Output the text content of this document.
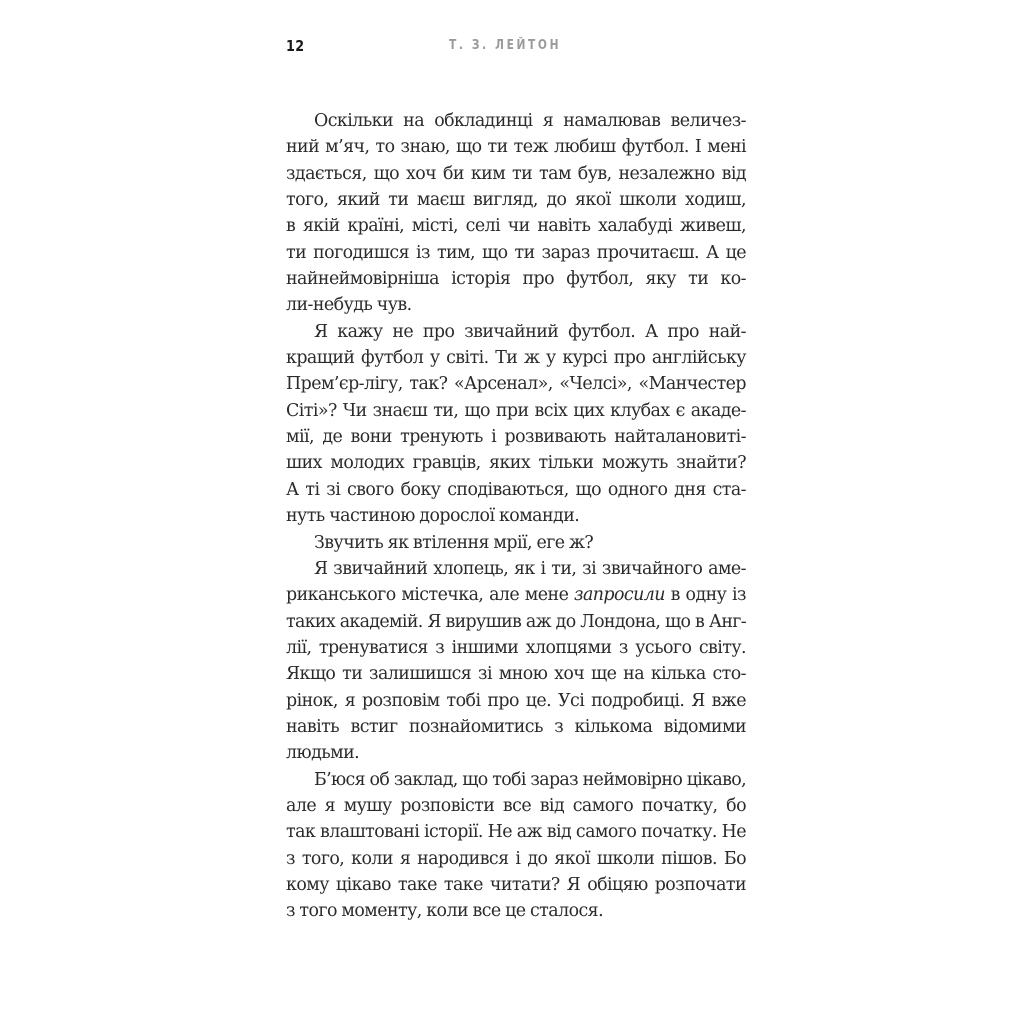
12	Т. З. ЛЕЙТОН
Оскільки на обкладинці я намалював величез-
ний м’яч, то знаю, що ти теж любиш футбол. І мені
здається, що хоч би ким ти там був, незалежно від
того, який ти маєш вигляд, до якої школи ходиш,
в якій країні, місті, селі чи навіть халабуді живеш,
ти погодишся із тим, що ти зараз прочитаєш. А це
найнеймовірніша історія про футбол, яку ти ко-
ли-небудь чув.
Я кажу не про звичайний футбол. А про най-
кращий футбол у світі. Ти ж у курсі про англійську
Прем’єр-лігу, так? «Арсенал», «Челсі», «Манчестер
Сіті»? Чи знаєш ти, що при всіх цих клубах є акаде-
мії, де вони тренують і розвивають найталановиті-
ших молодих гравців, яких тільки можуть знайти?
А ті зі свого боку сподіваються, що одного дня ста-
нуть частиною дорослої команди.
Звучить як втілення мрії, еге ж?
Я звичайний хлопець, як і ти, зі звичайного аме-
риканського містечка, але мене запросили в одну із
таких академій. Я вирушив аж до Лондона, що в Анг-
лії, тренуватися з іншими хлопцями з усього світу.
Якщо ти залишишся зі мною хоч ще на кілька сто-
рінок, я розповім тобі про це. Усі подробиці. Я вже
навіть встиг познайомитись з кількома відомими
людьми.
Б’юся об заклад, що тобі зараз неймовірно цікаво,
але я мушу розповісти все від самого початку, бо
так влаштовані історії. Не аж від самого початку. Не
з того, коли я народився і до якої школи пішов. Бо
кому цікаво таке таке читати? Я обіцяю розпочати
з того моменту, коли все це сталося.
